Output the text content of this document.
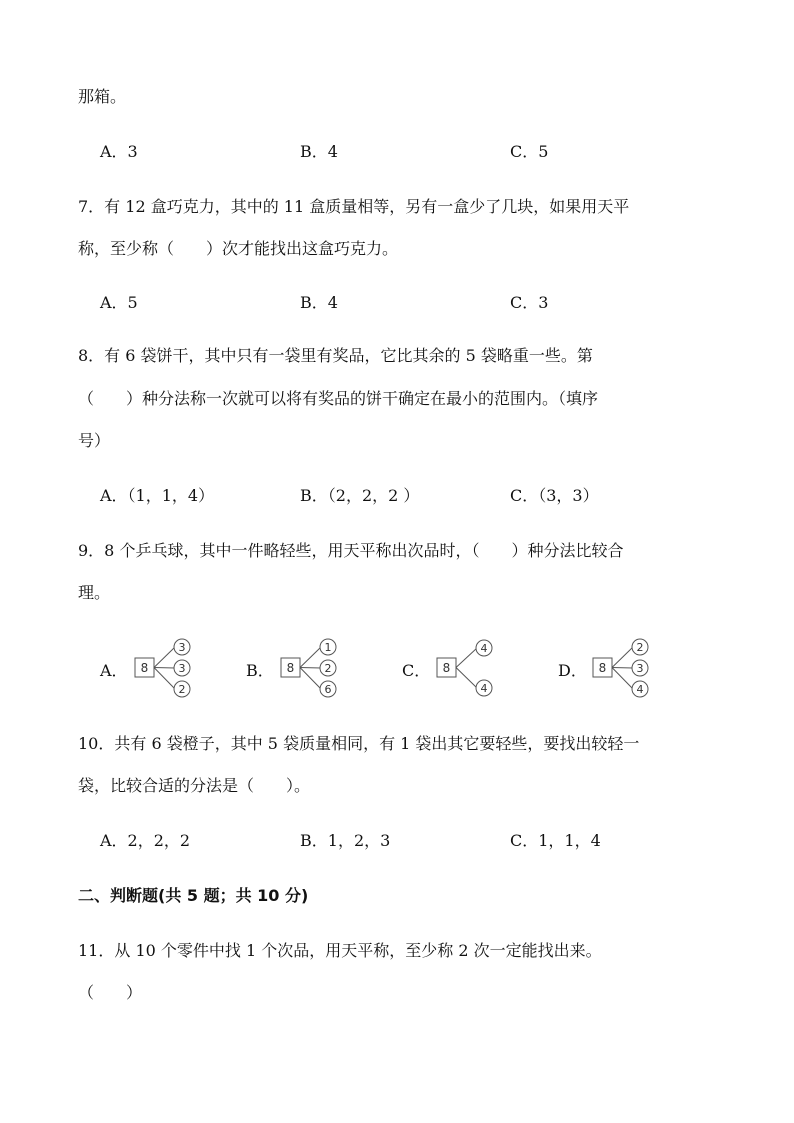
那箱。
A．3	B．4	C．5
7．有 12 盒巧克力，其中的 11 盒质量相等，另有一盒少了几块，如果用天平
称，至少称（　　）次才能找出这盒巧克力。
A．5	B．4	C．3
8．有 6 袋饼干，其中只有一袋里有奖品，它比其余的 5 袋略重一些。第
（　　）种分法称一次就可以将有奖品的饼干确定在最小的范围内。（填序
号）
A．（1，1，4）	B．（2，2，2 ）	C．（3，3）
9．8 个乒乓球，其中一件略轻些，用天平称出次品时，（　　）种分法比较合
理。
A． 8
3
3
2
B． 8
1
2
6
C． 8
4
4
D． 8
2
3
4
10．共有 6 袋橙子，其中 5 袋质量相同，有 1 袋出其它要轻些，要找出较轻一
袋，比较合适的分法是（　　）。
A．2，2，2	B．1，2，3	C．1，1，4
二、判断题(共 5 题；共 10 分)
11．从 10 个零件中找 1 个次品，用天平称，至少称 2 次一定能找出来。
（　　）
